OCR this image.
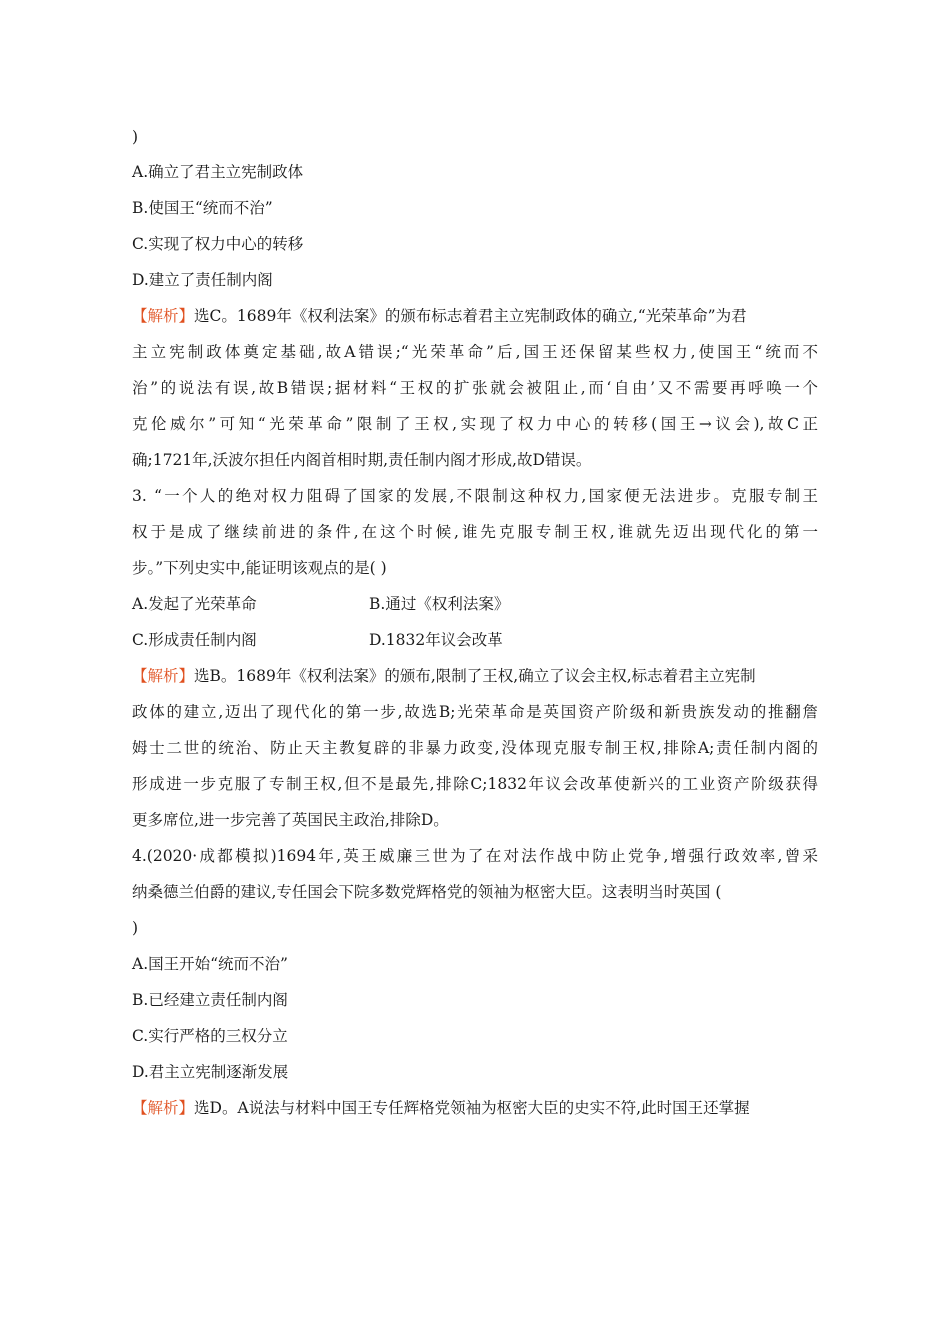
)
A.确立了君主立宪制政体
B.使国王“统而不治”
C.实现了权力中心的转移
D.建立了责任制内阁
【解析】选C。1689年《权利法案》的颁布标志着君主立宪制政体的确立,“光荣革命”为君
主立宪制政体奠定基础,故A错误;“光荣革命”后,国王还保留某些权力,使国王“统而不
治”的说法有误,故B错误;据材料“王权的扩张就会被阻止,而‘自由’又不需要再呼唤一个
克伦威尔”可知“光荣革命”限制了王权,实现了权力中心的转移(国王→议会),故C正
确;1721年,沃波尔担任内阁首相时期,责任制内阁才形成,故D错误。
3. “一个人的绝对权力阻碍了国家的发展,不限制这种权力,国家便无法进步。克服专制王
权于是成了继续前进的条件,在这个时候,谁先克服专制王权,谁就先迈出现代化的第一
步。”下列史实中,能证明该观点的是( )
A.发起了光荣革命	B.通过《权利法案》
C.形成责任制内阁	D.1832年议会改革
【解析】选B。1689年《权利法案》的颁布,限制了王权,确立了议会主权,标志着君主立宪制
政体的建立,迈出了现代化的第一步,故选B;光荣革命是英国资产阶级和新贵族发动的推翻詹
姆士二世的统治、防止天主教复辟的非暴力政变,没体现克服专制王权,排除A;责任制内阁的
形成进一步克服了专制王权,但不是最先,排除C;1832年议会改革使新兴的工业资产阶级获得
更多席位,进一步完善了英国民主政治,排除D。
4.(2020·成都模拟)1694年,英王威廉三世为了在对法作战中防止党争,增强行政效率,曾采
纳桑德兰伯爵的建议,专任国会下院多数党辉格党的领袖为枢密大臣。这表明当时英国 (
)
A.国王开始“统而不治”
B.已经建立责任制内阁
C.实行严格的三权分立
D.君主立宪制逐渐发展
【解析】选D。A说法与材料中国王专任辉格党领袖为枢密大臣的史实不符,此时国王还掌握
